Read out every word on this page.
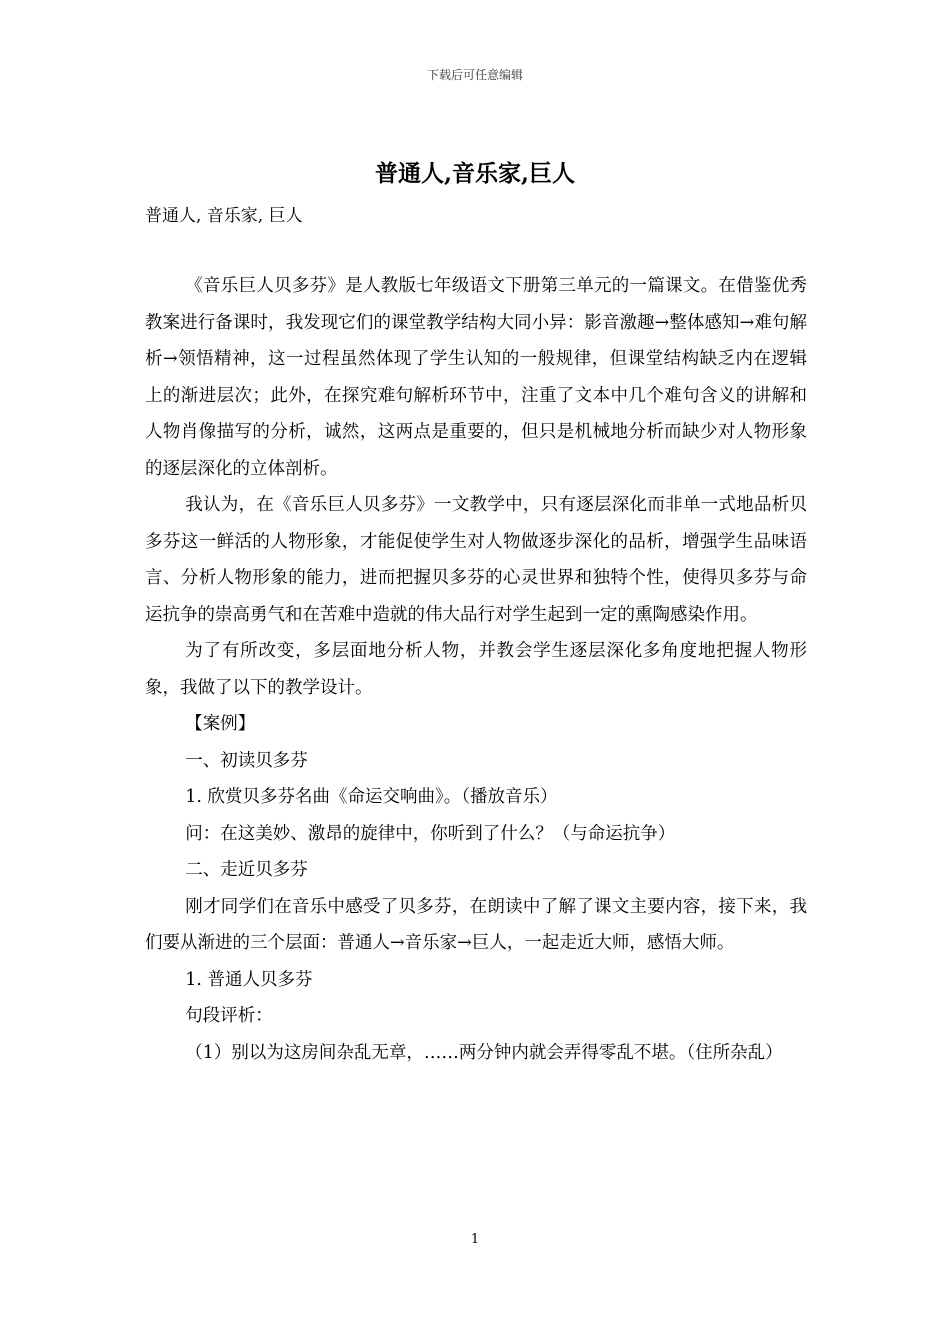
下载后可任意编辑
普通人,音乐家,巨人

普通人, 音乐家, 巨人

《音乐巨人贝多芬》是人教版七年级语文下册第三单元的一篇课文。在借鉴优秀教案进行备课时，我发现它们的课堂教学结构大同小异：影音激趣→整体感知→难句解析→领悟精神，这一过程虽然体现了学生认知的一般规律，但课堂结构缺乏内在逻辑上的渐进层次；此外，在探究难句解析环节中，注重了文本中几个难句含义的讲解和人物肖像描写的分析，诚然，这两点是重要的，但只是机械地分析而缺少对人物形象的逐层深化的立体剖析。

我认为，在《音乐巨人贝多芬》一文教学中，只有逐层深化而非单一式地品析贝多芬这一鲜活的人物形象，才能促使学生对人物做逐步深化的品析，增强学生品味语言、分析人物形象的能力，进而把握贝多芬的心灵世界和独特个性，使得贝多芬与命运抗争的崇高勇气和在苦难中造就的伟大品行对学生起到一定的熏陶感染作用。

为了有所改变，多层面地分析人物，并教会学生逐层深化多角度地把握人物形象，我做了以下的教学设计。

【案例】

一、初读贝多芬

1. 欣赏贝多芬名曲《命运交响曲》。（播放音乐）

问：在这美妙、激昂的旋律中，你听到了什么？（与命运抗争）

二、走近贝多芬

刚才同学们在音乐中感受了贝多芬，在朗读中了解了课文主要内容，接下来，我们要从渐进的三个层面：普通人→音乐家→巨人，一起走近大师，感悟大师。

1. 普通人贝多芬

句段评析：

（1）别以为这房间杂乱无章，……两分钟内就会弄得零乱不堪。（住所杂乱）

1
